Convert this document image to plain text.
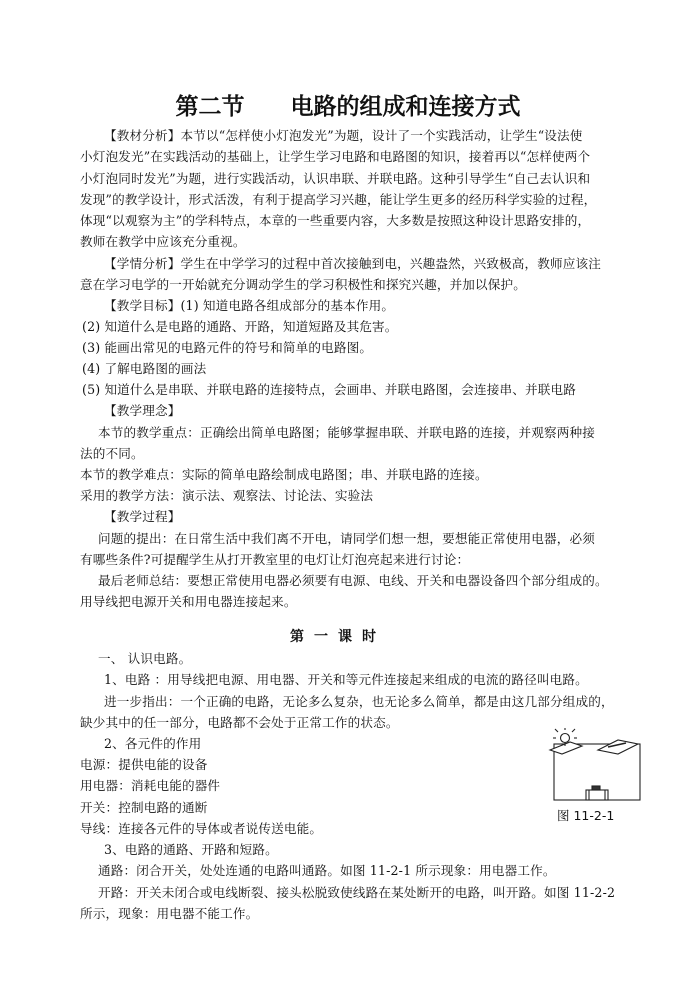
第二节　　电路的组成和连接方式
【教材分析】本节以“怎样使小灯泡发光”为题，设计了一个实践活动，让学生“设法使
小灯泡发光”在实践活动的基础上，让学生学习电路和电路图的知识，接着再以“怎样使两个
小灯泡同时发光”为题，进行实践活动，认识串联、并联电路。这种引导学生“自己去认识和
发现”的教学设计，形式活泼，有利于提高学习兴趣，能让学生更多的经历科学实验的过程，
体现“以观察为主”的学科特点，本章的一些重要内容，大多数是按照这种设计思路安排的，
教师在教学中应该充分重视。
【学情分析】学生在中学学习的过程中首次接触到电，兴趣盎然，兴致极高，教师应该注
意在学习电学的一开始就充分调动学生的学习积极性和探究兴趣，并加以保护。
【教学目标】(1) 知道电路各组成部分的基本作用。
(2) 知道什么是电路的通路、开路，知道短路及其危害。
(3) 能画出常见的电路元件的符号和简单的电路图。
(4) 了解电路图的画法
(5) 知道什么是串联、并联电路的连接特点，会画串、并联电路图，会连接串、并联电路
【教学理念】
本节的教学重点：正确绘出简单电路图；能够掌握串联、并联电路的连接，并观察两种接
法的不同。
本节的教学难点：实际的简单电路绘制成电路图；串、并联电路的连接。
采用的教学方法：演示法、观察法、讨论法、实验法
【教学过程】
问题的提出：在日常生活中我们离不开电，请同学们想一想，要想能正常使用电器，必须
有哪些条件?可提醒学生从打开教室里的电灯让灯泡亮起来进行讨论：
最后老师总结：要想正常使用电器必须要有电源、电线、开关和电器设备四个部分组成的。
用导线把电源开关和用电器连接起来。
第一课时
一、 认识电路。
1、电路 ：用导线把电源、用电器、开关和等元件连接起来组成的电流的路径叫电路。
进一步指出：一个正确的电路，无论多么复杂，也无论多么简单，都是由这几部分组成的，
缺少其中的任一部分，电路都不会处于正常工作的状态。
2、各元件的作用
电源：提供电能的设备
用电器：消耗电能的器件
开关：控制电路的通断
导线：连接各元件的导体或者说传送电能。
3、电路的通路、开路和短路。
通路：闭合开关，处处连通的电路叫通路。如图 11-2-1 所示现象：用电器工作。
开路：开关未闭合或电线断裂、接头松脱致使线路在某处断开的电路，叫开路。如图 11-2-2
所示，现象：用电器不能工作。
图 11-2-1
